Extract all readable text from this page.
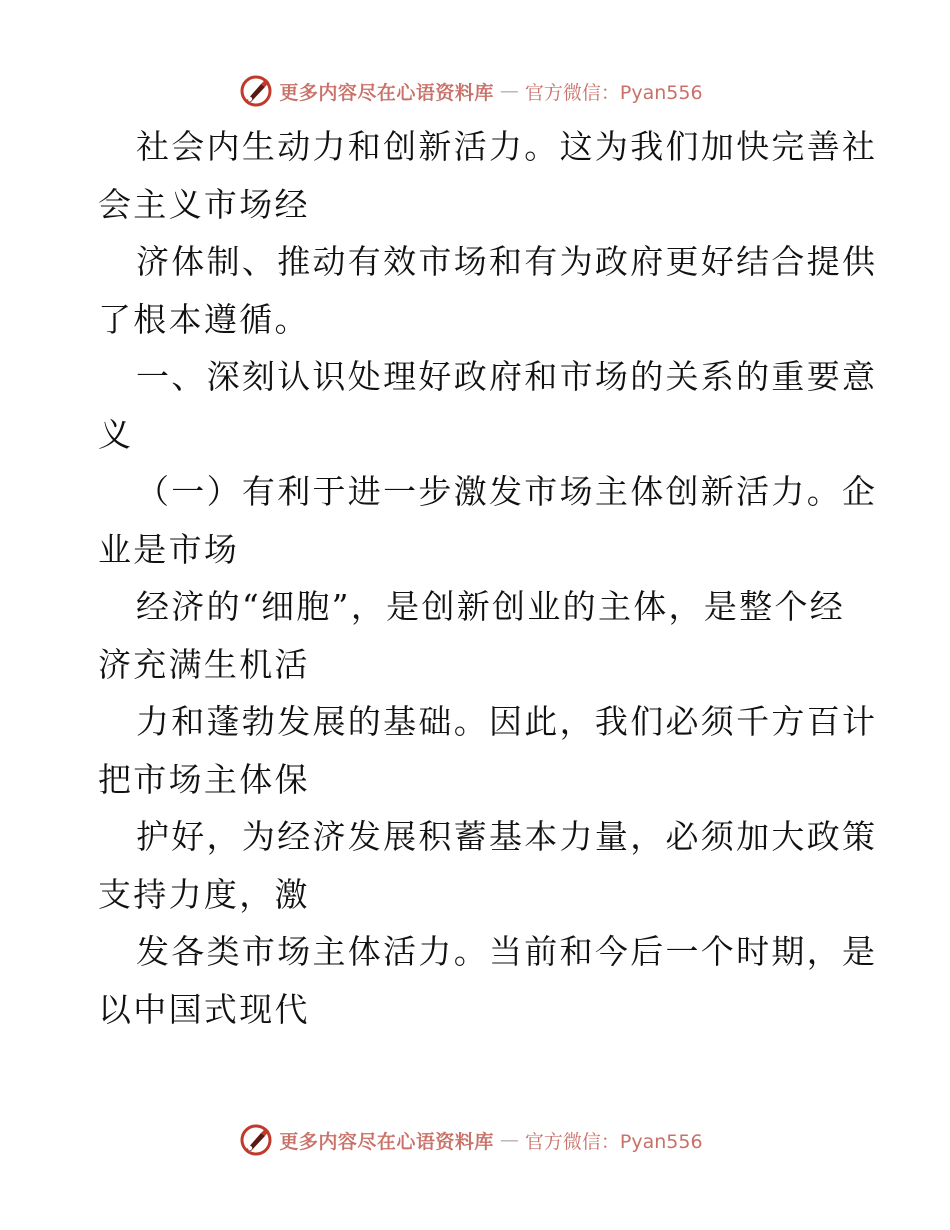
更多内容尽在心语资料库 — 官方微信：Pyan556

社会内生动力和创新活力。这为我们加快完善社

会主义市场经

济体制、推动有效市场和有为政府更好结合提供

了根本遵循。

一、深刻认识处理好政府和市场的关系的重要意

义

（一）有利于进一步激发市场主体创新活力。企

业是市场

经济的“细胞”，是创新创业的主体，是整个经

济充满生机活

力和蓬勃发展的基础。因此，我们必须千方百计

把市场主体保

护好，为经济发展积蓄基本力量，必须加大政策

支持力度，激

发各类市场主体活力。当前和今后一个时期，是

以中国式现代

更多内容尽在心语资料库 — 官方微信：Pyan556
